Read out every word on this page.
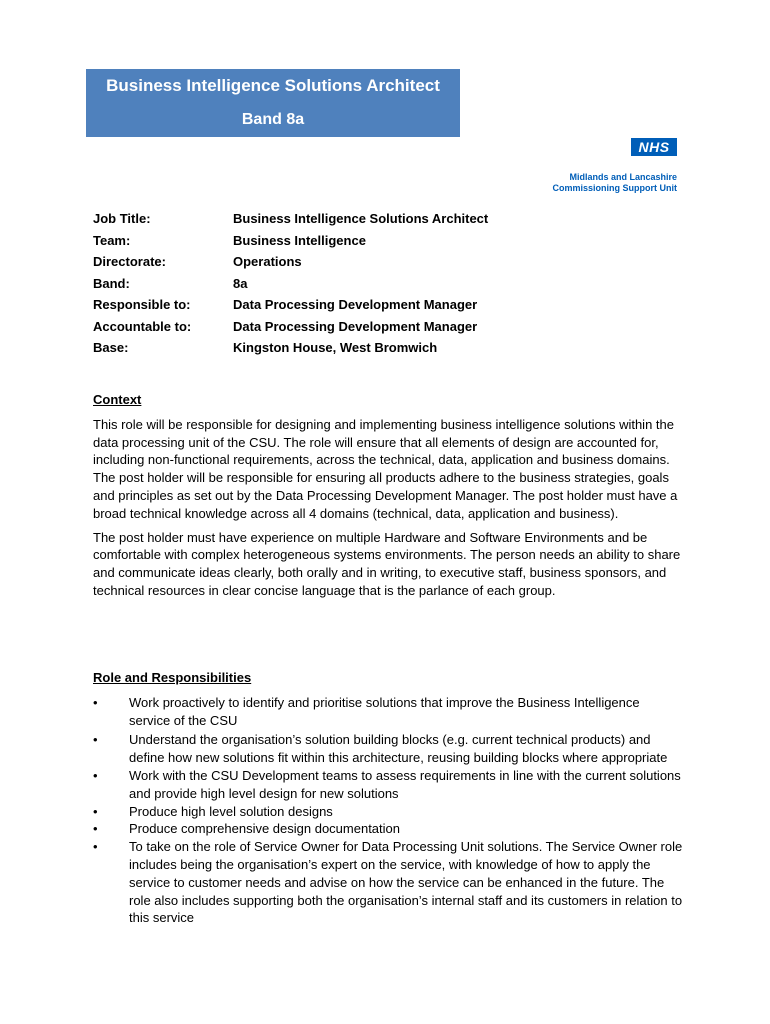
Business Intelligence Solutions Architect
Band 8a
NHS
Midlands and Lancashire
Commissioning Support Unit
Job Title:	Business Intelligence Solutions Architect
Team:	Business Intelligence
Directorate:	Operations
Band:	8a
Responsible to:	Data Processing Development Manager
Accountable to:	Data Processing Development Manager
Base:	Kingston House, West Bromwich
Context

This role will be responsible for designing and implementing business intelligence solutions within the data processing unit of the CSU. The role will ensure that all elements of design are accounted for, including non-functional requirements, across the technical, data, application and business domains. The post holder will be responsible for ensuring all products adhere to the business strategies, goals and principles as set out by the Data Processing Development Manager. The post holder must have a broad technical knowledge across all 4 domains (technical, data, application and business).

The post holder must have experience on multiple Hardware and Software Environments and be comfortable with complex heterogeneous systems environments. The person needs an ability to share and communicate ideas clearly, both orally and in writing, to executive staff, business sponsors, and technical resources in clear concise language that is the parlance of each group.

Role and Responsibilities
• Work proactively to identify and prioritise solutions that improve the Business Intelligence service of the CSU
• Understand the organisation’s solution building blocks (e.g. current technical products) and define how new solutions fit within this architecture, reusing building blocks where appropriate
• Work with the CSU Development teams to assess requirements in line with the current solutions and provide high level design for new solutions
• Produce high level solution designs
• Produce comprehensive design documentation
• To take on the role of Service Owner for Data Processing Unit solutions. The Service Owner role includes being the organisation’s expert on the service, with knowledge of how to apply the service to customer needs and advise on how the service can be enhanced in the future. The role also includes supporting both the organisation’s internal staff and its customers in relation to this service
